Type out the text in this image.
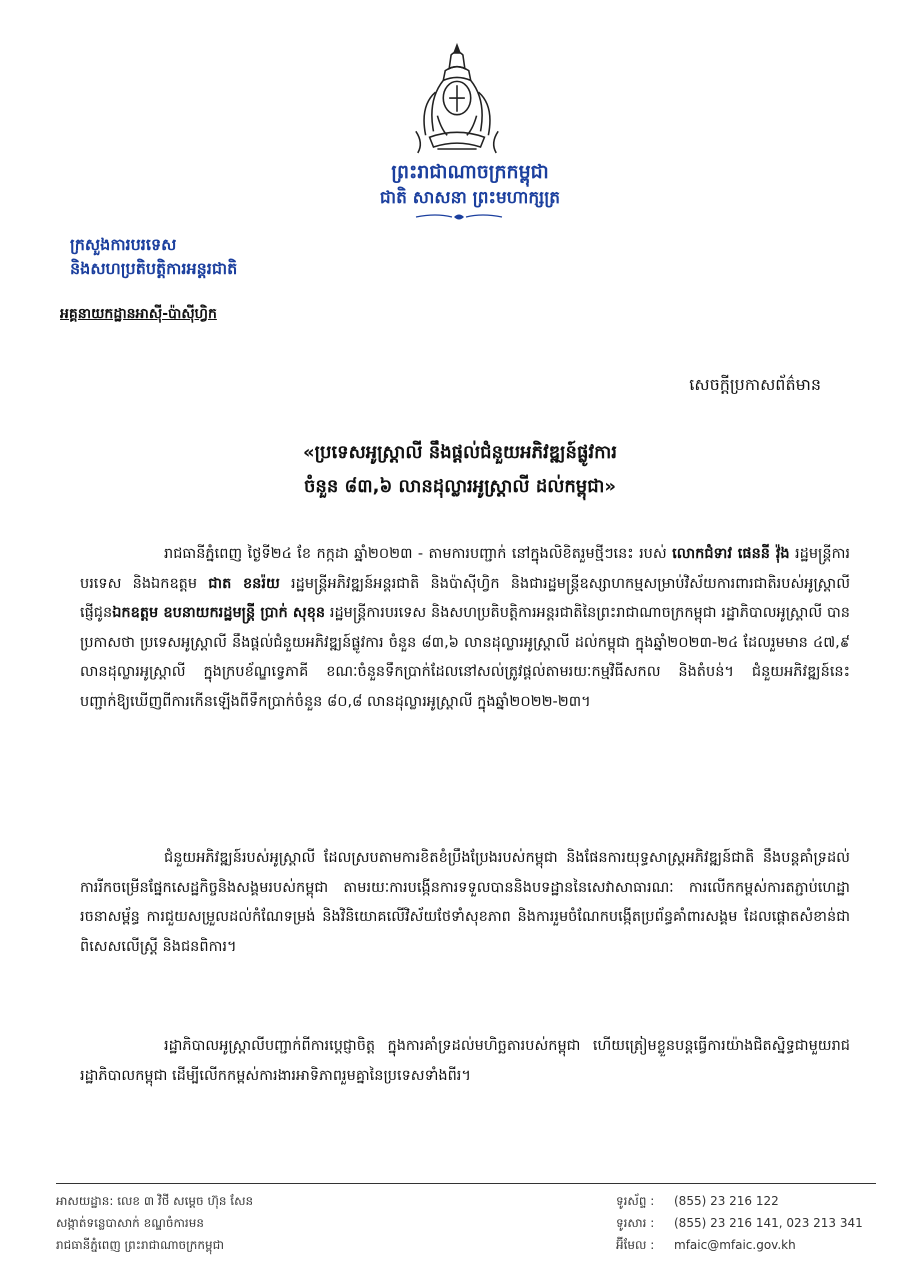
ព្រះរាជាណាចក្រកម្ពុជា
ជាតិ សាសនា ព្រះមហាក្សត្រ
ក្រសួងការបរទេស
និងសហប្រតិបត្តិការអន្តរជាតិ
អគ្គនាយកដ្ឋានអាស៊ី-ប៉ាស៊ីហ្វិក
សេចក្តីប្រកាសព័ត៌មាន
«ប្រទេសអូស្ត្រាលី នឹងផ្តល់ជំនួយអភិវឌ្ឍន៍ផ្លូវការ
ចំនួន ៨៣,៦ លានដុល្លារអូស្ត្រាលី ដល់កម្ពុជា»

រាជធានីភ្នំពេញ ថ្ងៃទី២៤ ខែ កក្កដា ឆ្នាំ២០២៣ - តាមការបញ្ជាក់ នៅក្នុងលិខិតរួមថ្មីៗនេះ របស់ លោកជំទាវ ផេននី វ៉ុង រដ្ឋមន្ត្រីការបរទេស និងឯកឧត្តម ជាត ខនរ៉យ រដ្ឋមន្ត្រីអភិវឌ្ឍន៍អន្តរជាតិ និងប៉ាស៊ីហ្វិក និងជារដ្ឋមន្ត្រីឧស្សាហកម្មសម្រាប់វិស័យការពារជាតិរបស់អូស្ត្រាលី ផ្ញើជូនឯកឧត្តម ឧបនាយករដ្ឋមន្ត្រី ប្រាក់ សុខុន រដ្ឋមន្ត្រីការបរទេស និងសហប្រតិបត្តិការអន្តរជាតិនៃព្រះរាជាណាចក្រកម្ពុជា រដ្ឋាភិបាលអូស្ត្រាលី បានប្រកាសថា ប្រទេសអូស្ត្រាលី នឹងផ្តល់ជំនួយអភិវឌ្ឍន៍ផ្លូវការ ចំនួន ៨៣,៦ លានដុល្លារអូស្ត្រាលី ដល់កម្ពុជា ក្នុងឆ្នាំ២០២៣-២៤ ដែលរួមមាន ៤៧,៩ លានដុល្លារអូស្ត្រាលី ក្នុងក្របខ័ណ្ឌទ្វេភាគី ខណៈចំនួនទឹកប្រាក់ដែលនៅសល់ត្រូវផ្តល់តាមរយៈកម្មវិធីសកល និងតំបន់។ ជំនួយអភិវឌ្ឍន៍នេះ បញ្ជាក់ឱ្យឃើញពីការកើនឡើងពីទឹកប្រាក់ចំនួន ៨០,៨ លានដុល្លារអូស្ត្រាលី ក្នុងឆ្នាំ២០២២-២៣។

ជំនួយអភិវឌ្ឍន៍របស់អូស្ត្រាលី ដែលស្របតាមការខិតខំប្រឹងប្រែងរបស់កម្ពុជា និងផែនការយុទ្ធសាស្ត្រអភិវឌ្ឍន៍ជាតិ នឹងបន្តគាំទ្រដល់ការរីកចម្រើនផ្នែកសេដ្ឋកិច្ចនិងសង្គមរបស់កម្ពុជា តាមរយៈការបង្កើនការទទួលបាននិងបទដ្ឋាននៃសេវាសាធារណៈ ការលើកកម្ពស់ការតភ្ជាប់ហេដ្ឋារចនាសម្ព័ន្ធ ការជួយសម្រួលដល់កំណែទម្រង់ និងវិនិយោគលើវិស័យថែទាំសុខភាព និងការរួមចំណែកបង្កើតប្រព័ន្ធគាំពារសង្គម ដែលផ្តោតសំខាន់ជាពិសេសលើស្ត្រី និងជនពិការ។

រដ្ឋាភិបាលអូស្ត្រាលីបញ្ជាក់ពីការប្តេជ្ញាចិត្ត ក្នុងការគាំទ្រដល់មហិច្ឆតារបស់កម្ពុជា ហើយត្រៀមខ្លួនបន្តធ្វើការយ៉ាងជិតស្និទ្ធជាមួយរាជរដ្ឋាភិបាលកម្ពុជា ដើម្បីលើកកម្ពស់ការងារអាទិភាពរួមគ្នានៃប្រទេសទាំងពីរ។

អាសយដ្ឋាន: លេខ ៣ វិថី សម្តេច ហ៊ុន សែន
សង្កាត់ទន្លេបាសាក់ ខណ្ឌចំការមន
រាជធានីភ្នំពេញ ព្រះរាជាណាចក្រកម្ពុជា
ទូរស័ព្ទ : (855) 23 216 122
ទូរសារ : (855) 23 216 141, 023 213 341
អ៊ីមែល : mfaic@mfaic.gov.kh
